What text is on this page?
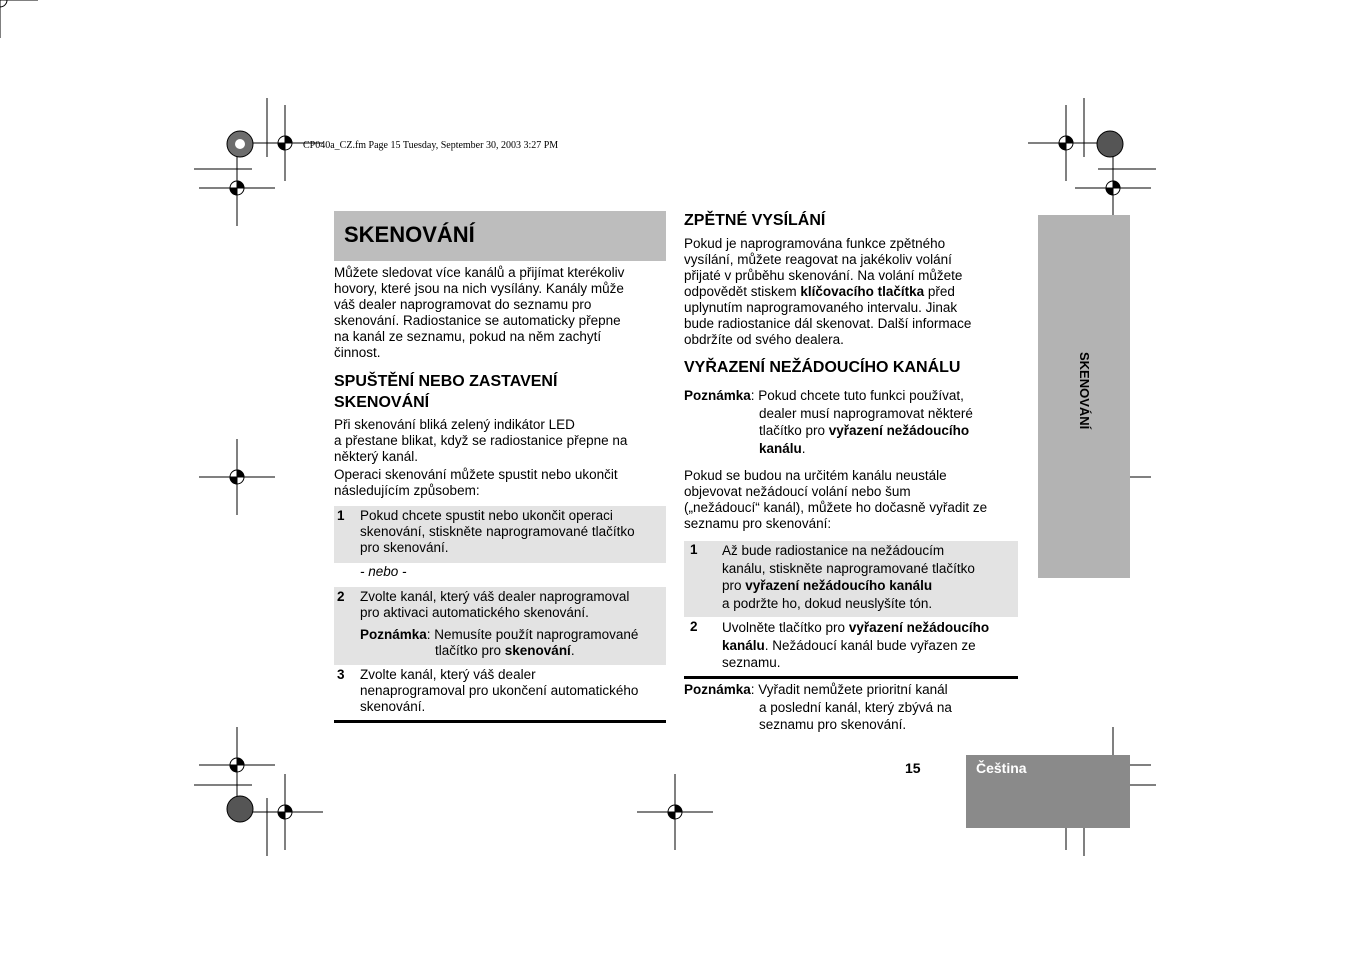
CP040a_CZ.fm Page 15 Tuesday, September 30, 2003 3:27 PM
SKENOVÁNÍ
Můžete sledovat více kanálů a přijímat kterékoliv
hovory, které jsou na nich vysílány. Kanály může
váš dealer naprogramovat do seznamu pro
skenování. Radiostanice se automaticky přepne
na kanál ze seznamu, pokud na něm zachytí
činnost.
SPUŠTĚNÍ NEBO ZASTAVENÍ
SKENOVÁNÍ
Při skenování bliká zelený indikátor LED
a přestane blikat, když se radiostanice přepne na
některý kanál.
Operaci skenování můžete spustit nebo ukončit
následujícím způsobem:
1 Pokud chcete spustit nebo ukončit operaci
skenování, stiskněte naprogramované tlačítko
pro skenování.
- nebo -
2 Zvolte kanál, který váš dealer naprogramoval
pro aktivaci automatického skenování.
Poznámka: Nemusíte použít naprogramované
tlačítko pro skenování.
3 Zvolte kanál, který váš dealer
nenaprogramoval pro ukončení automatického
skenování.
ZPĚTNÉ VYSÍLÁNÍ
Pokud je naprogramována funkce zpětného
vysílání, můžete reagovat na jakékoliv volání
přijaté v průběhu skenování. Na volání můžete
odpovědět stiskem klíčovacího tlačítka před
uplynutím naprogramovaného intervalu. Jinak
bude radiostanice dál skenovat. Další informace
obdržíte od svého dealera.
VYŘAZENÍ NEŽÁDOUCÍHO KANÁLU
Poznámka: Pokud chcete tuto funkci používat,
dealer musí naprogramovat některé
tlačítko pro vyřazení nežádoucího
kanálu.
Pokud se budou na určitém kanálu neustále
objevovat nežádoucí volání nebo šum
(„nežádoucí“ kanál), můžete ho dočasně vyřadit ze
seznamu pro skenování:
1 Až bude radiostanice na nežádoucím
kanálu, stiskněte naprogramované tlačítko
pro vyřazení nežádoucího kanálu
a podržte ho, dokud neuslyšíte tón.
2 Uvolněte tlačítko pro vyřazení nežádoucího
kanálu. Nežádoucí kanál bude vyřazen ze
seznamu.
Poznámka: Vyřadit nemůžete prioritní kanál
a poslední kanál, který zbývá na
seznamu pro skenování.
SKENOVÁNÍ
15	Čeština
